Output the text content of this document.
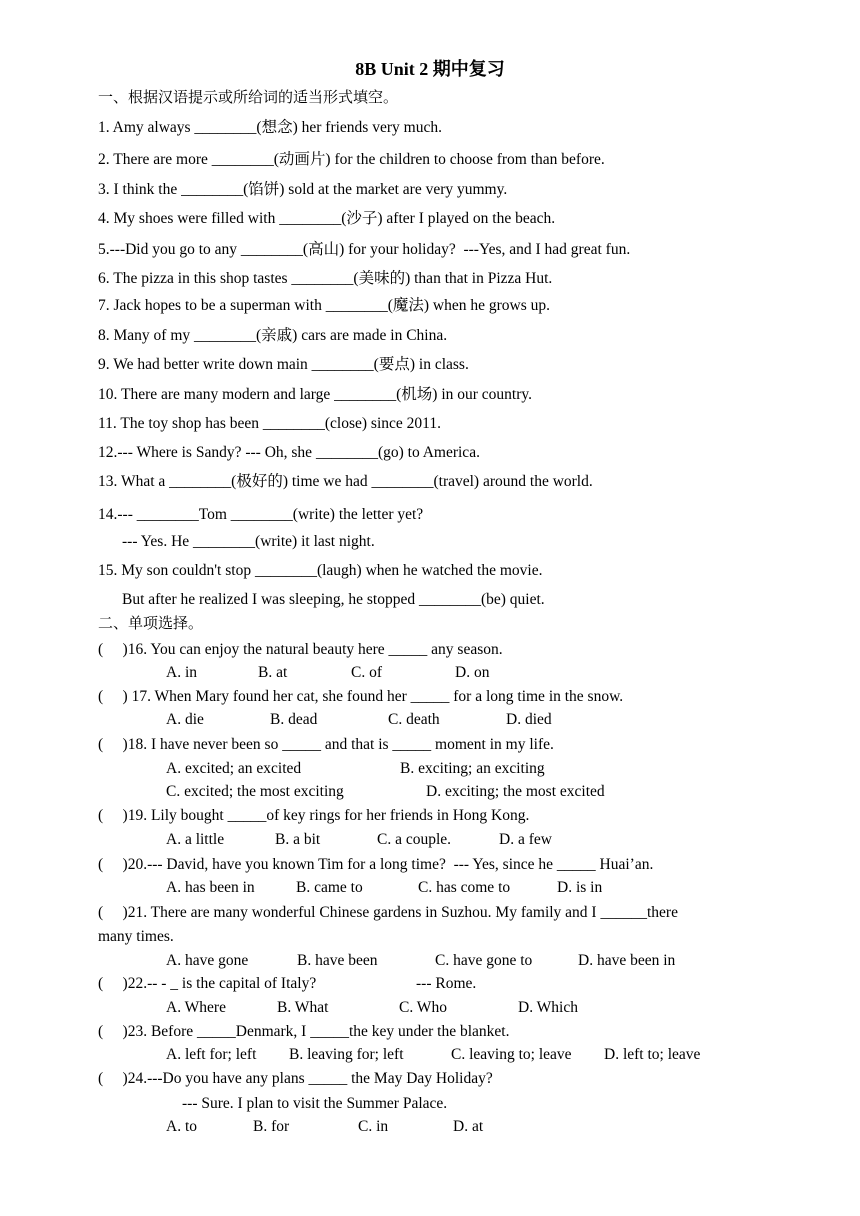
8B Unit 2 期中复习
一、根据汉语提示或所给词的适当形式填空。
1. Amy always ________(想念) her friends very much.
2. There are more ________(动画片) for the children to choose from than before.
3. I think the ________(馅饼) sold at the market are very yummy.
4. My shoes were filled with ________(沙子) after I played on the beach.
5.---Did you go to any ________(高山) for your holiday?  ---Yes, and I had great fun.
6. The pizza in this shop tastes ________(美味的) than that in Pizza Hut.
7. Jack hopes to be a superman with ________(魔法) when he grows up.
8. Many of my ________(亲戚) cars are made in China.
9. We had better write down main ________(要点) in class.
10. There are many modern and large ________(机场) in our country.
11. The toy shop has been ________(close) since 2011.
12.--- Where is Sandy? --- Oh, she ________(go) to America.
13. What a ________(极好的) time we had ________(travel) around the world.
14.--- ________Tom ________(write) the letter yet?
--- Yes. He ________(write) it last night.
15. My son couldn't stop ________(laugh) when he watched the movie.
But after he realized I was sleeping, he stopped ________(be) quiet.
二、单项选择。
(     )16. You can enjoy the natural beauty here _____ any season.
A. in	B. at	C. of	D. on
(     ) 17. When Mary found her cat, she found her _____ for a long time in the snow.
A. die	B. dead	C. death	D. died
(     )18. I have never been so _____ and that is _____ moment in my life.
A. excited; an excited	B. exciting; an exciting
C. excited; the most exciting	D. exciting; the most excited
(     )19. Lily bought _____of key rings for her friends in Hong Kong.
A. a little	B. a bit	C. a couple.	D. a few
(     )20.--- David, have you known Tim for a long time?  --- Yes, since he _____ Huai’an.
A. has been in	B. came to	C. has come to	D. is in
(     )21. There are many wonderful Chinese gardens in Suzhou. My family and I ______there
many times.
A. have gone	B. have been	C. have gone to	D. have been in
(     )22.-- - _ is the capital of Italy?	--- Rome.
A. Where	B. What	C. Who	D. Which
(     )23. Before _____Denmark, I _____the key under the blanket.
A. left for; left B. leaving for; left	C. leaving to; leave D. left to; leave
(     )24.---Do you have any plans _____ the May Day Holiday?
--- Sure. I plan to visit the Summer Palace.
A. to	B. for	C. in	D. at
